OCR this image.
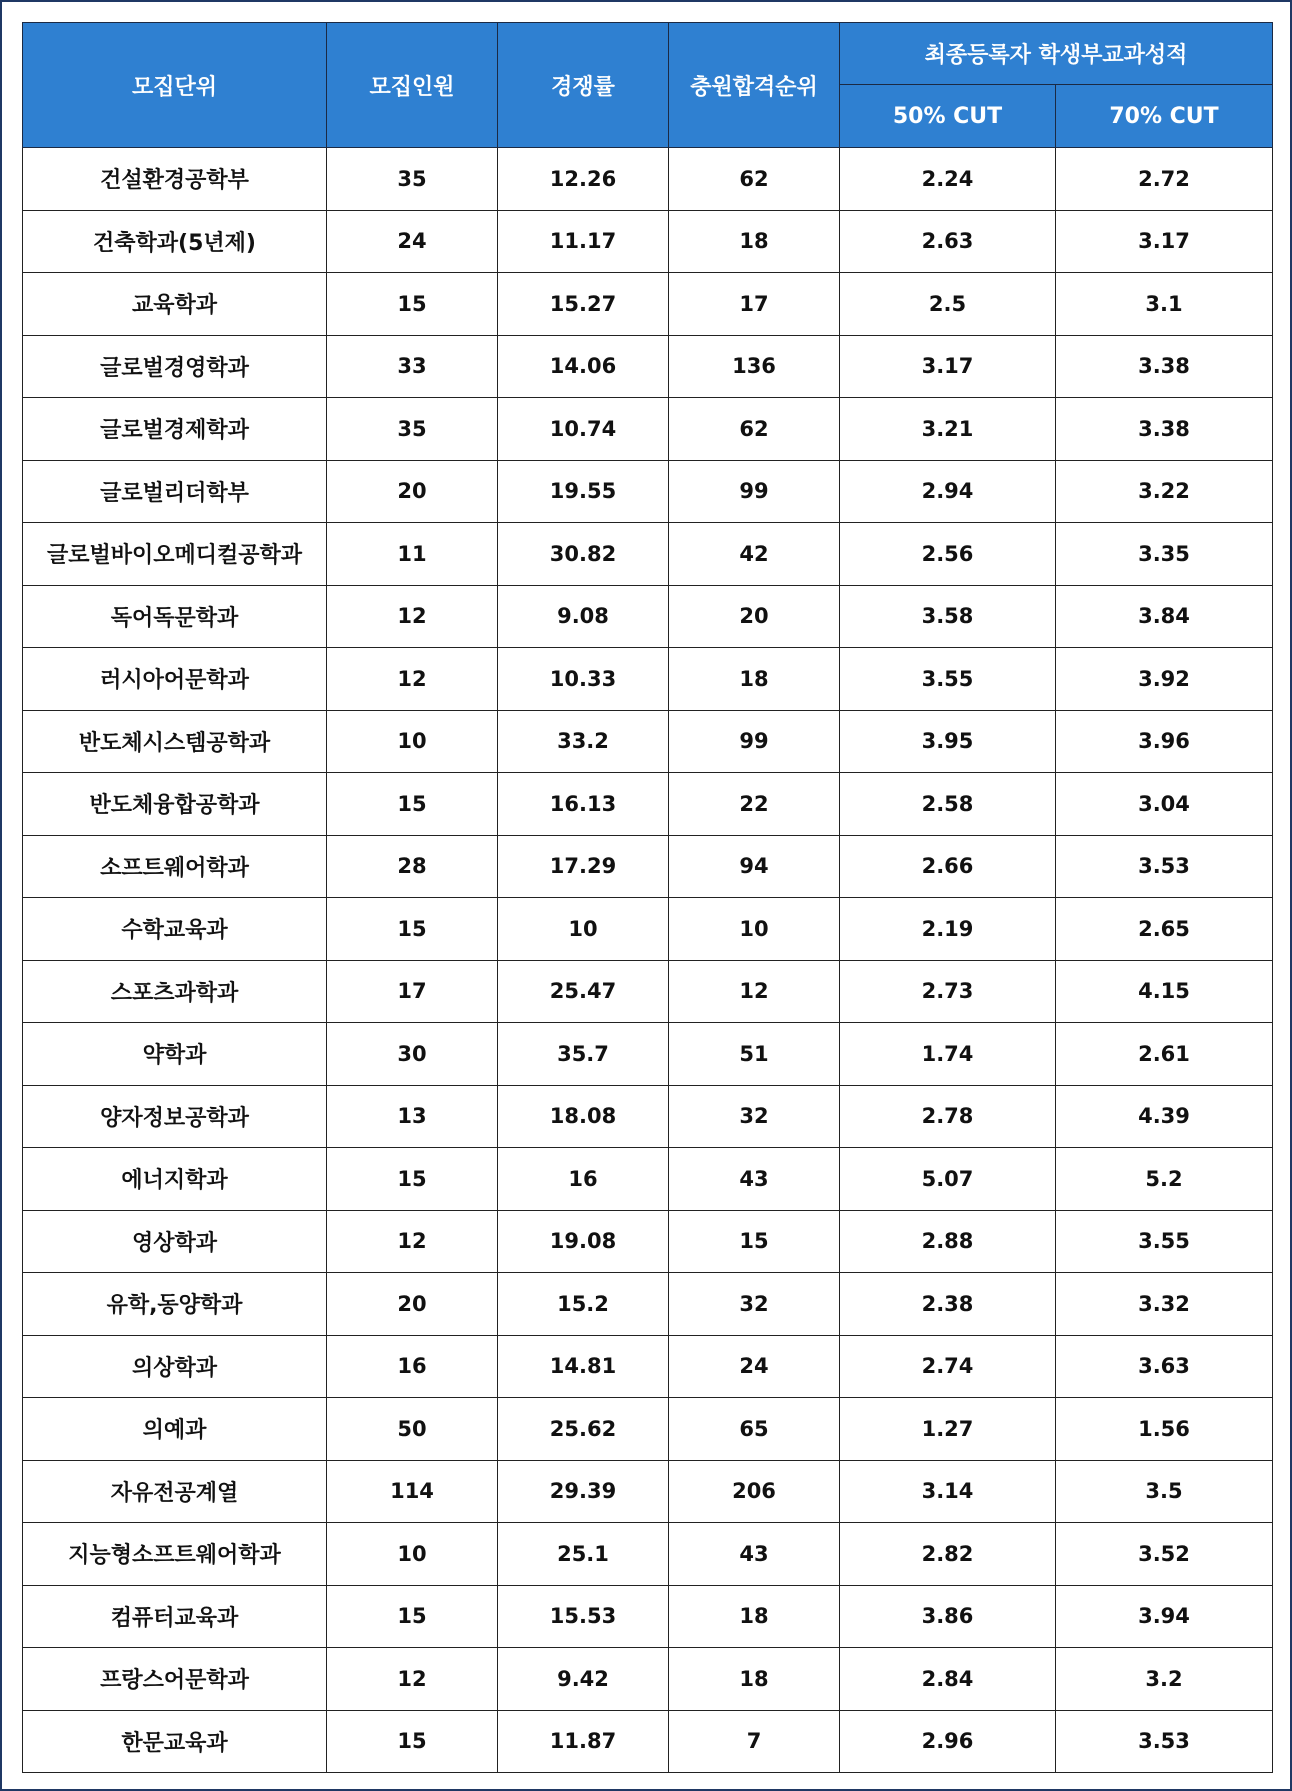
모집단위	모집인원	경쟁률	충원합격순위	최종등록자 학생부교과성적	
				50% CUT	70% CUT
건설환경공학부	35	12.26	62	2.24	2.72
건축학과(5년제)	24	11.17	18	2.63	3.17
교육학과	15	15.27	17	2.5	3.1
글로벌경영학과	33	14.06	136	3.17	3.38
글로벌경제학과	35	10.74	62	3.21	3.38
글로벌리더학부	20	19.55	99	2.94	3.22
글로벌바이오메디컬공학과	11	30.82	42	2.56	3.35
독어독문학과	12	9.08	20	3.58	3.84
러시아어문학과	12	10.33	18	3.55	3.92
반도체시스템공학과	10	33.2	99	3.95	3.96
반도체융합공학과	15	16.13	22	2.58	3.04
소프트웨어학과	28	17.29	94	2.66	3.53
수학교육과	15	10	10	2.19	2.65
스포츠과학과	17	25.47	12	2.73	4.15
약학과	30	35.7	51	1.74	2.61
양자정보공학과	13	18.08	32	2.78	4.39
에너지학과	15	16	43	5.07	5.2
영상학과	12	19.08	15	2.88	3.55
유학,동양학과	20	15.2	32	2.38	3.32
의상학과	16	14.81	24	2.74	3.63
의예과	50	25.62	65	1.27	1.56
자유전공계열	114	29.39	206	3.14	3.5
지능형소프트웨어학과	10	25.1	43	2.82	3.52
컴퓨터교육과	15	15.53	18	3.86	3.94
프랑스어문학과	12	9.42	18	2.84	3.2
한문교육과	15	11.87	7	2.96	3.53
